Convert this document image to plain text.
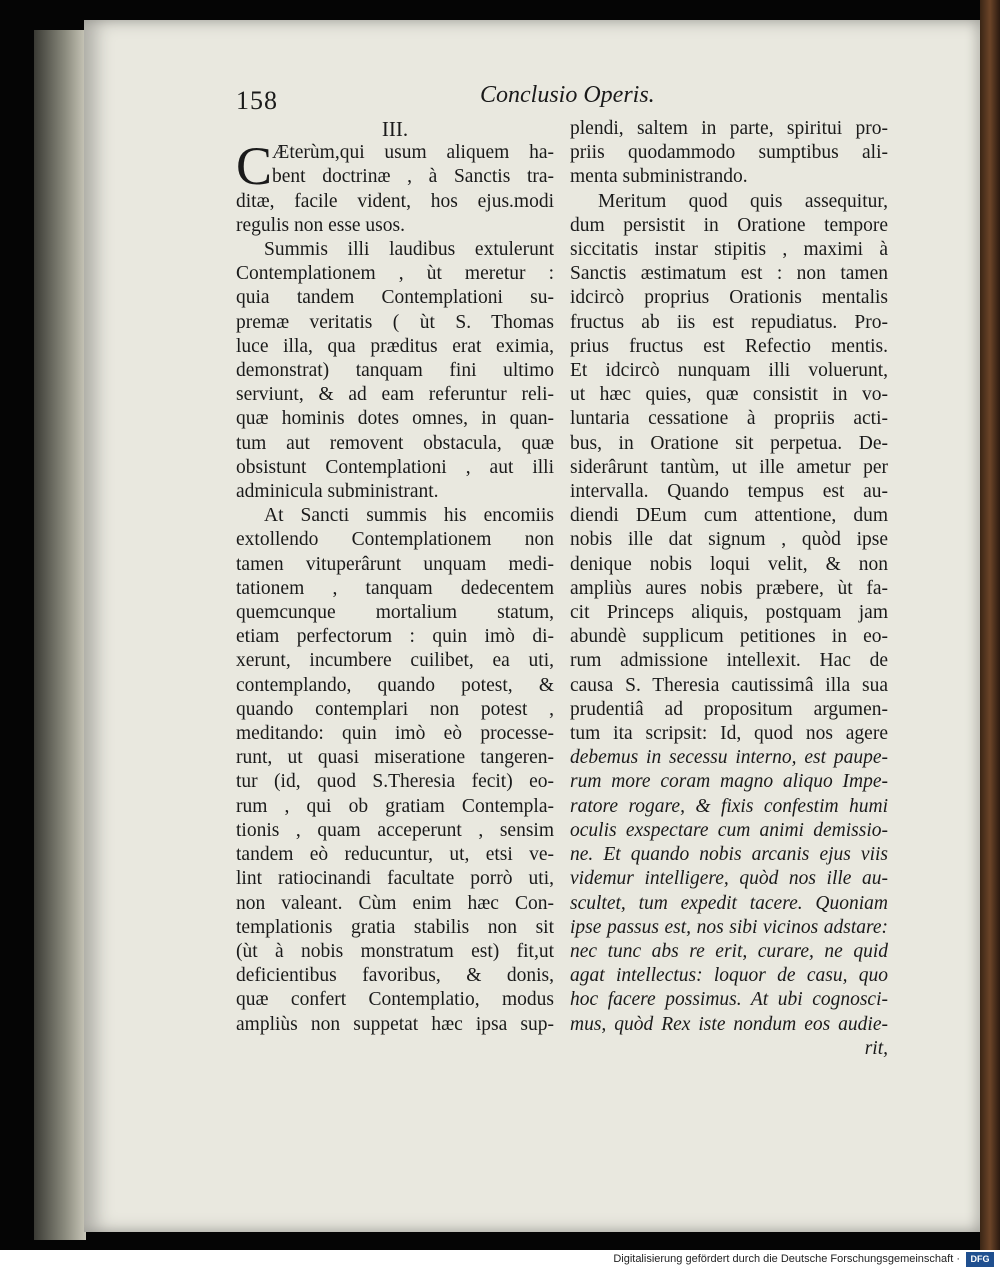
158	Conclusio Operis.
III.
C Æterùm,qui usum aliquem ha-
bent doctrinæ , à Sanctis tra-
ditæ, facile vident, hos ejus.modi
regulis non esse usos.
Summis illi laudibus extulerunt
Contemplationem , ùt meretur :
quia tandem Contemplationi su-
premæ veritatis ( ùt S. Thomas
luce illa, qua præditus erat eximia,
demonstrat) tanquam fini ultimo
serviunt, & ad eam referuntur reli-
quæ hominis dotes omnes, in quan-
tum aut removent obstacula, quæ
obsistunt Contemplationi , aut illi
adminicula subministrant.
At Sancti summis his encomiis
extollendo Contemplationem non
tamen vituperârunt unquam medi-
tationem , tanquam dedecentem
quemcunque mortalium statum,
etiam perfectorum : quin imò di-
xerunt, incumbere cuilibet, ea uti,
contemplando, quando potest, &
quando contemplari non potest ,
meditando: quin imò eò processe-
runt, ut quasi miseratione tangeren-
tur (id, quod S.Theresia fecit) eo-
rum , qui ob gratiam Contempla-
tionis , quam acceperunt , sensim
tandem eò reducuntur, ut, etsi ve-
lint ratiocinandi facultate porrò uti,
non valeant. Cùm enim hæc Con-
templationis gratia stabilis non sit
(ùt à nobis monstratum est) fit,ut
deficientibus favoribus, & donis,
quæ confert Contemplatio, modus
ampliùs non suppetat hæc ipsa sup-
plendi, saltem in parte, spiritui pro-
priis quodammodo sumptibus ali-
menta subministrando.
Meritum quod quis assequitur,
dum persistit in Oratione tempore
siccitatis instar stipitis , maximi à
Sanctis æstimatum est : non tamen
idcircò proprius Orationis mentalis
fructus ab iis est repudiatus. Pro-
prius fructus est Refectio mentis.
Et idcircò nunquam illi voluerunt,
ut hæc quies, quæ consistit in vo-
luntaria cessatione à propriis acti-
bus, in Oratione sit perpetua. De-
siderârunt tantùm, ut ille ametur per
intervalla. Quando tempus est au-
diendi DEum cum attentione, dum
nobis ille dat signum , quòd ipse
denique nobis loqui velit, & non
ampliùs aures nobis præbere, ùt fa-
cit Princeps aliquis, postquam jam
abundè supplicum petitiones in eo-
rum admissione intellexit. Hac de
causa S. Theresia cautissimâ illa sua
prudentiâ ad propositum argumen-
tum ita scripsit: Id, quod nos agere
debemus in secessu interno, est paupe-
rum more coram magno aliquo Impe-
ratore rogare, & fixis confestim humi
oculis exspectare cum animi demissio-
ne. Et quando nobis arcanis ejus viis
videmur intelligere, quòd nos ille au-
scultet, tum expedit tacere. Quoniam
ipse passus est, nos sibi vicinos adstare:
nec tunc abs re erit, curare, ne quid
agat intellectus: loquor de casu, quo
hoc facere possimus. At ubi cognosci-
mus, quòd Rex iste nondum eos audie-
rit,
Digitalisierung gefördert durch die Deutsche Forschungsgemeinschaft ·	DFG
